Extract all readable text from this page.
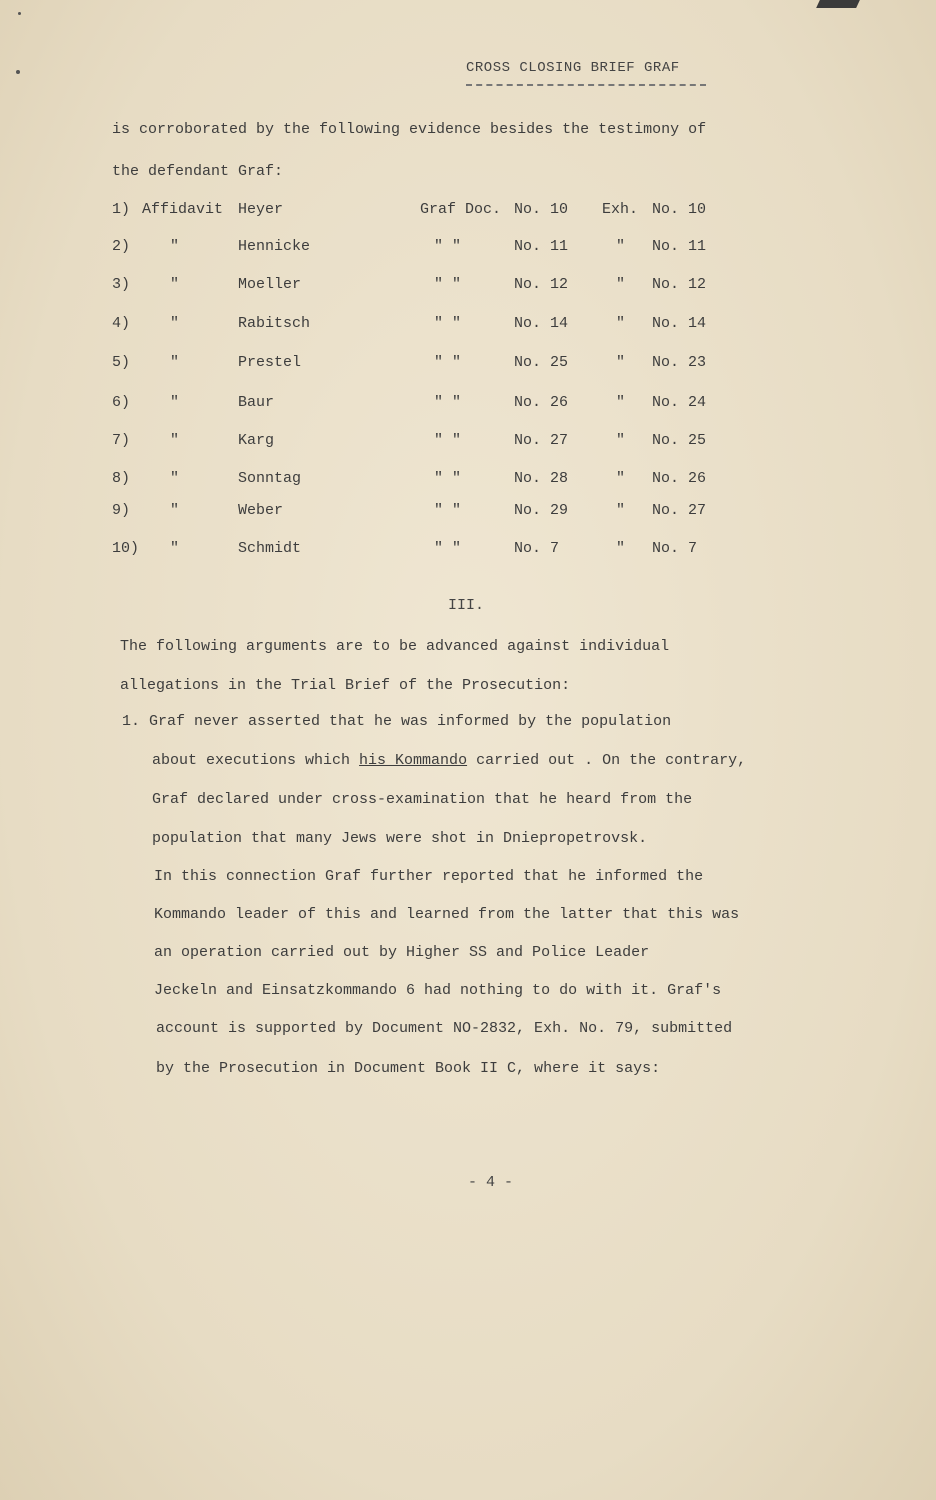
CROSS CLOSING BRIEF GRAF
is corroborated by the following evidence besides the testimony of
the defendant Graf:
1) Affidavit Heyer	Graf Doc. No. 10 Exh. No. 10
2)	"	Hennicke	" "	No. 11	" No. 11
3)	"	Moeller	" "	No. 12	" No. 12
4)	"	Rabitsch	" "	No. 14	" No. 14
5)	"	Prestel	" "	No. 25	" No. 23
6)	"	Baur	" "	No. 26	" No. 24
7)	"	Karg	" "	No. 27	" No. 25
8)	"	Sonntag	" "	No. 28	" No. 26
9)	"	Weber	" "	No. 29	" No. 27
10) "	Schmidt	" "	No. 7	" No. 7
III.
The following arguments are to be advanced against individual
allegations in the Trial Brief of the Prosecution:
1. Graf never asserted that he was informed by the population
about executions which his Kommando carried out . On the contrary,
Graf declared under cross-examination that he heard from the
population that many Jews were shot in Dniepropetrovsk.
In this connection Graf further reported that he informed the
Kommando leader of this and learned from the latter that this was
an operation carried out by Higher SS and Police Leader
Jeckeln and Einsatzkommando 6 had nothing to do with it. Graf's
account is supported by Document NO-2832, Exh. No. 79, submitted
by the Prosecution in Document Book II C, where it says:
- 4 -
